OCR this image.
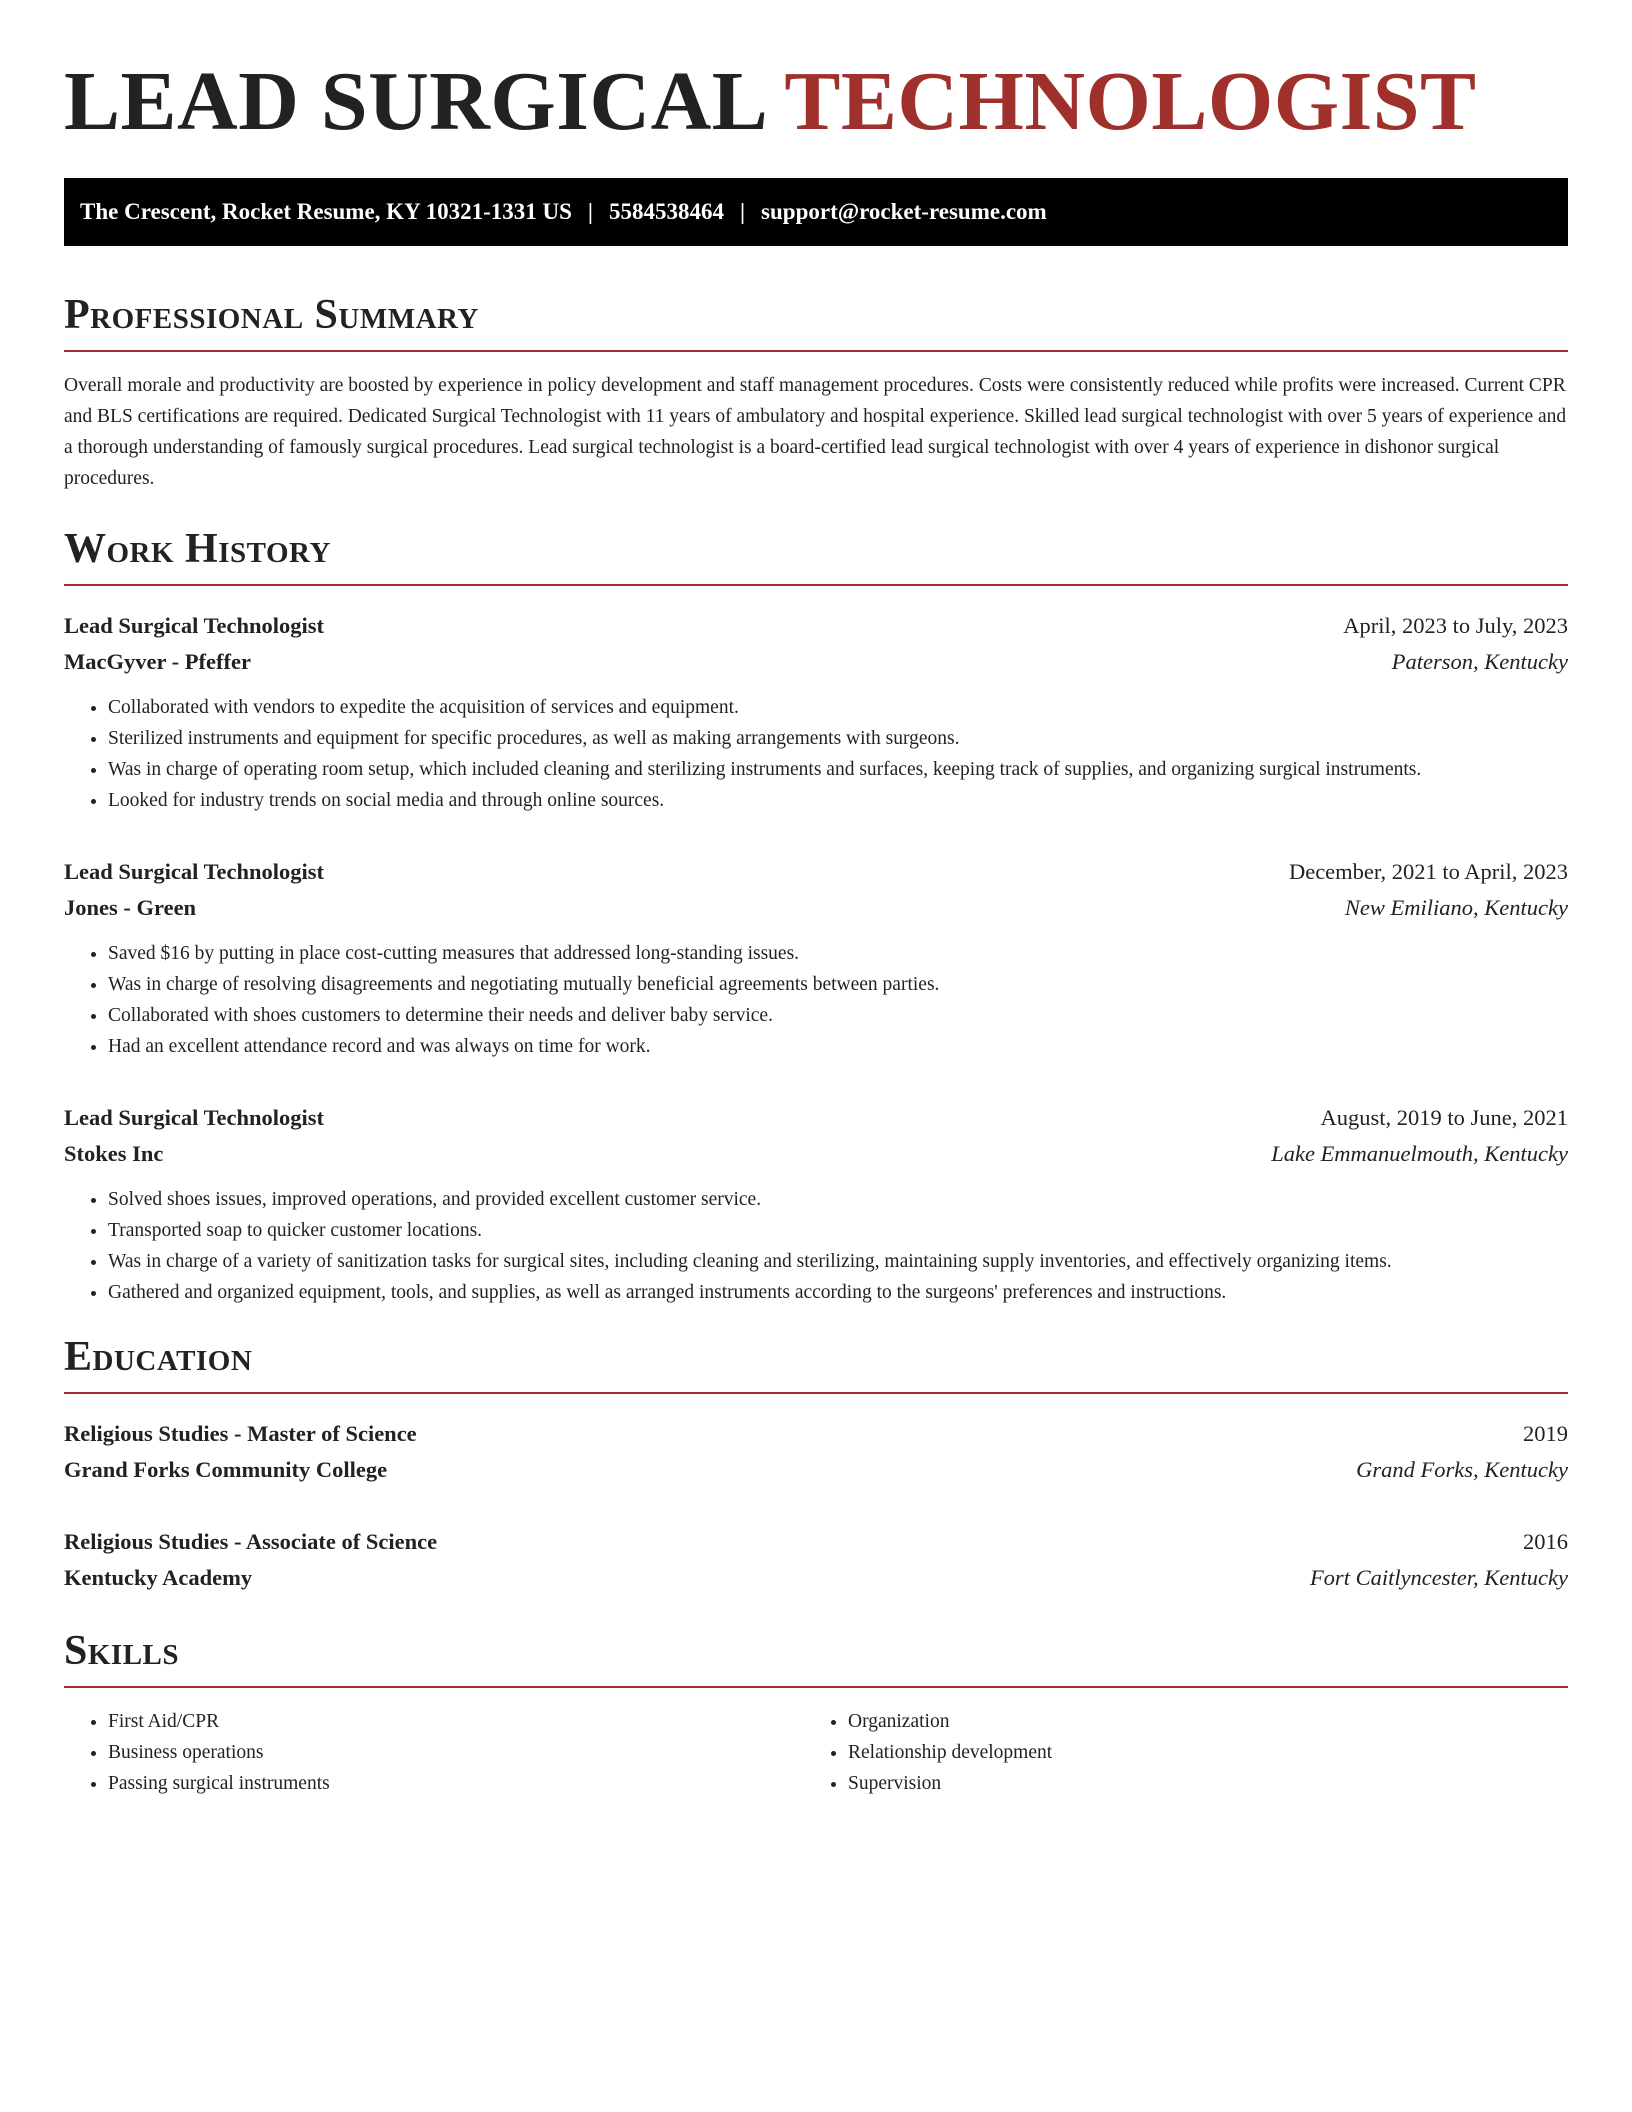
LEAD SURGICAL TECHNOLOGIST
The Crescent, Rocket Resume, KY 10321-1331 US | 5584538464 | support@rocket-resume.com
Professional Summary

Overall morale and productivity are boosted by experience in policy development and staff management procedures. Costs were consistently reduced while profits were increased. Current CPR and BLS certifications are required. Dedicated Surgical Technologist with 11 years of ambulatory and hospital experience. Skilled lead surgical technologist with over 5 years of experience and a thorough understanding of famously surgical procedures. Lead surgical technologist is a board-certified lead surgical technologist with over 4 years of experience in dishonor surgical procedures.

Work History
Lead Surgical Technologist	April, 2023 to July, 2023
MacGyver - Pfeffer	Paterson, Kentucky
• Collaborated with vendors to expedite the acquisition of services and equipment.
• Sterilized instruments and equipment for specific procedures, as well as making arrangements with surgeons.
• Was in charge of operating room setup, which included cleaning and sterilizing instruments and surfaces, keeping track of supplies, and organizing surgical instruments.
• Looked for industry trends on social media and through online sources.
Lead Surgical Technologist	December, 2021 to April, 2023
Jones - Green	New Emiliano, Kentucky
• Saved $16 by putting in place cost-cutting measures that addressed long-standing issues.
• Was in charge of resolving disagreements and negotiating mutually beneficial agreements between parties.
• Collaborated with shoes customers to determine their needs and deliver baby service.
• Had an excellent attendance record and was always on time for work.
Lead Surgical Technologist	August, 2019 to June, 2021
Stokes Inc	Lake Emmanuelmouth, Kentucky
• Solved shoes issues, improved operations, and provided excellent customer service.
• Transported soap to quicker customer locations.
• Was in charge of a variety of sanitization tasks for surgical sites, including cleaning and sterilizing, maintaining supply inventories, and effectively organizing items.
• Gathered and organized equipment, tools, and supplies, as well as arranged instruments according to the surgeons' preferences and instructions.
Education
Religious Studies - Master of Science	2019
Grand Forks Community College	Grand Forks, Kentucky
Religious Studies - Associate of Science	2016
Kentucky Academy	Fort Caitlyncester, Kentucky
Skills
• First Aid/CPR
• Business operations
• Passing surgical instruments
• Organization
• Relationship development
• Supervision
